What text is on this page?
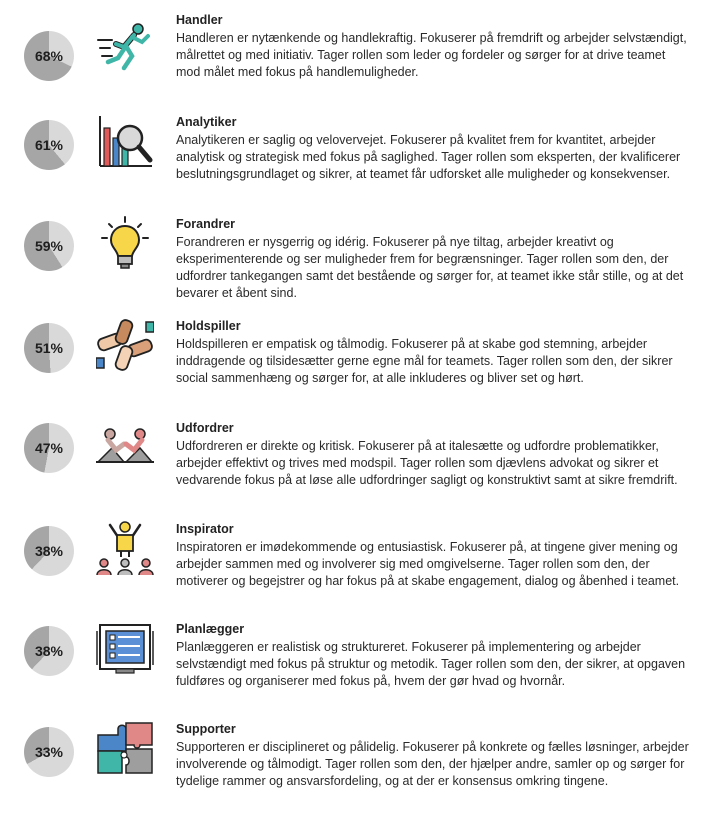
68%
Handler

Handleren er nytænkende og handlekraftig. Fokuserer på fremdrift og arbejder selvstændigt, målrettet og med initiativ. Tager rollen som leder og fordeler og sørger for at drive teamet mod målet med fokus på handlemuligheder.

61%
Analytiker

Analytikeren er saglig og velovervejet. Fokuserer på kvalitet frem for kvantitet, arbejder analytisk og strategisk med fokus på saglighed. Tager rollen som eksperten, der kvalificerer beslutningsgrundlaget og sikrer, at teamet får udforsket alle muligheder og konsekvenser.

59%
Forandrer

Forandreren er nysgerrig og idérig. Fokuserer på nye tiltag, arbejder kreativt og eksperimenterende og ser muligheder frem for begrænsninger. Tager rollen som den, der udfordrer tankegangen samt det bestående og sørger for, at teamet ikke står stille, og at det bevarer et åbent sind.

51%
Holdspiller

Holdspilleren er empatisk og tålmodig. Fokuserer på at skabe god stemning, arbejder inddragende og tilsidesætter gerne egne mål for teamets. Tager rollen som den, der sikrer social sammenhæng og sørger for, at alle inkluderes og bliver set og hørt.

47%
Udfordrer

Udfordreren er direkte og kritisk. Fokuserer på at italesætte og udfordre problematikker, arbejder effektivt og trives med modspil. Tager rollen som djævlens advokat og sikrer et vedvarende fokus på at løse alle udfordringer sagligt og konstruktivt samt at sikre fremdrift.

38%
Inspirator

Inspiratoren er imødekommende og entusiastisk. Fokuserer på, at tingene giver mening og arbejder sammen med og involverer sig med omgivelserne. Tager rollen som den, der motiverer og begejstrer og har fokus på at skabe engagement, dialog og åbenhed i teamet.

38%
Planlægger

Planlæggeren er realistisk og struktureret. Fokuserer på implementering og arbejder selvstændigt med fokus på struktur og metodik. Tager rollen som den, der sikrer, at opgaven fuldføres og organiserer med fokus på, hvem der gør hvad og hvornår.

33%
Supporter

Supporteren er disciplineret og pålidelig. Fokuserer på konkrete og fælles løsninger, arbejder involverende og tålmodigt. Tager rollen som den, der hjælper andre, samler op og sørger for tydelige rammer og ansvarsfordeling, og at der er konsensus omkring tingene.
